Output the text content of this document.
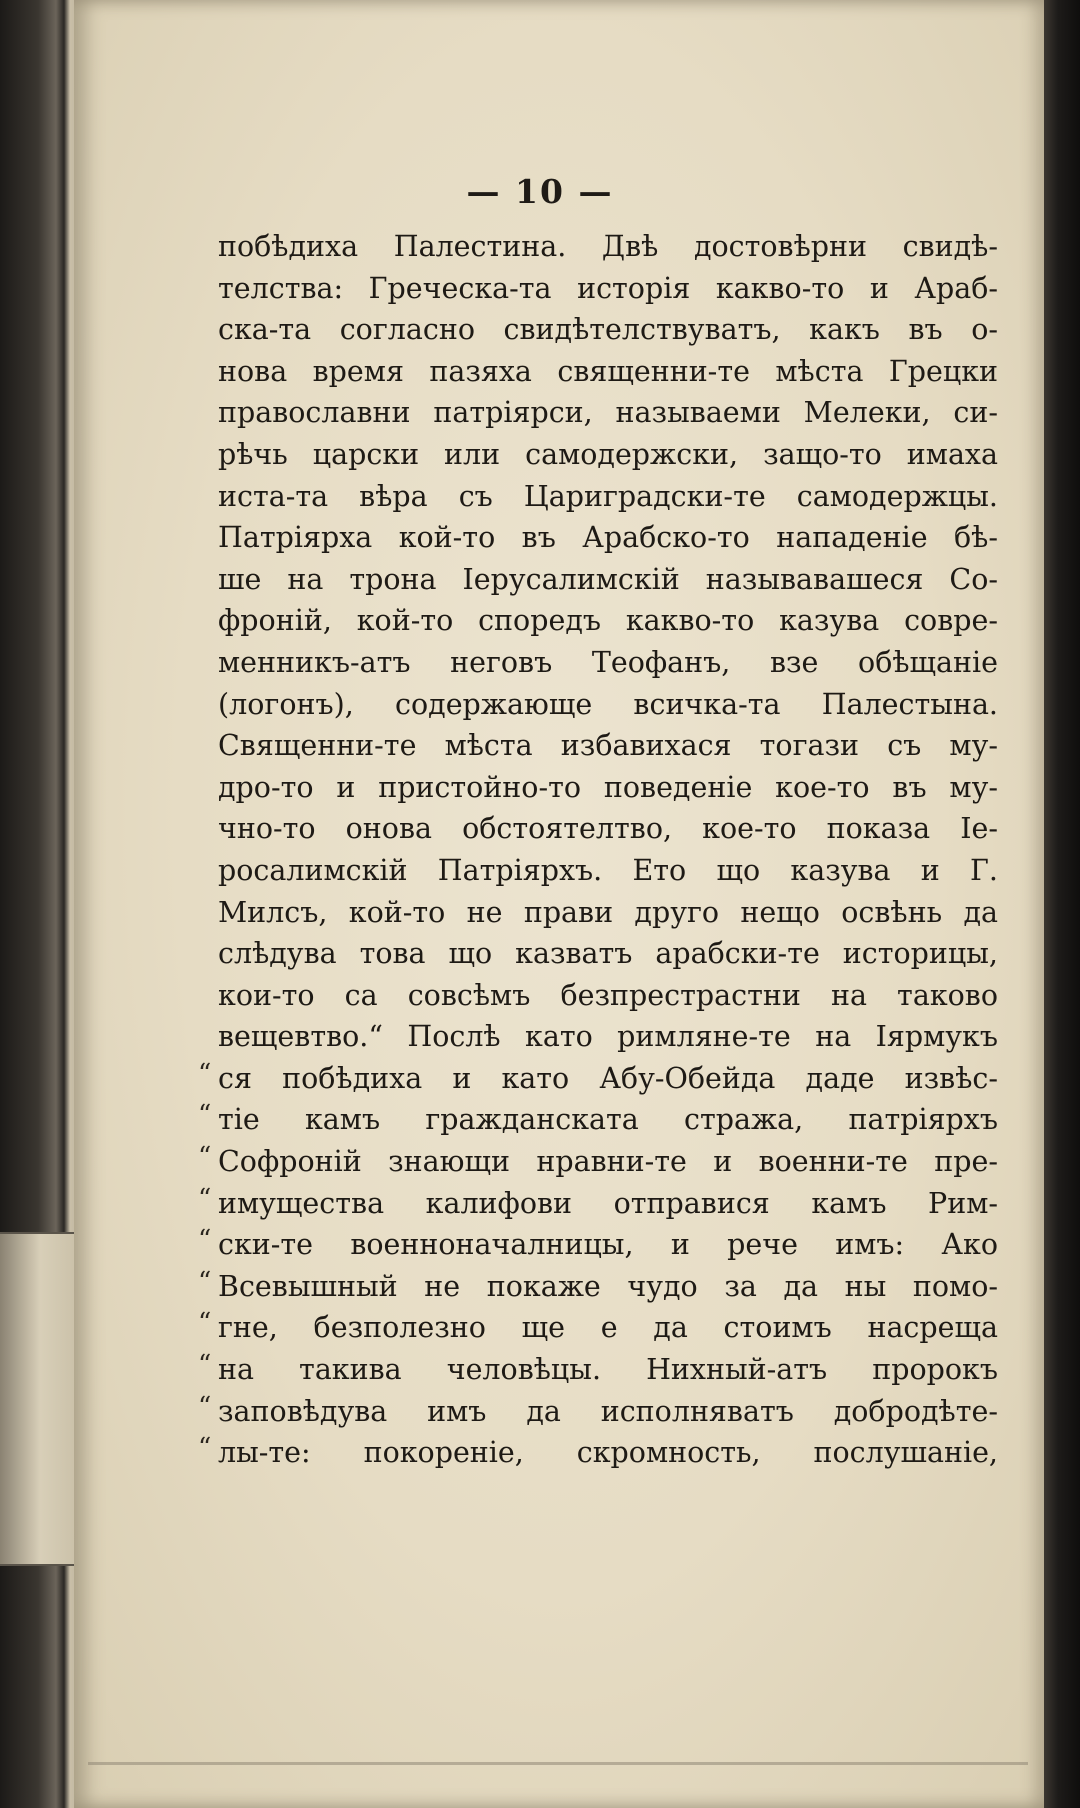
— 10 —
побѣдиха Палестина. Двѣ достовѣрни свидѣ-
телства: Греческа-та исторія какво-то и Араб-
ска-та согласно свидѣтелствуватъ, какъ въ о-
нова время пазяха священни-те мѣста Грецки
православни патріярси, называеми Мелеки, си-
рѣчь царски или самодержски, защо-то имаха
иста-та вѣра съ Цариградски-те самодержцы.
Патріярха кой-то въ Арабско-то нападеніе бѣ-
ше на трона Іерусалимскій называвашеся Со-
фроній, кой-то споредъ какво-то казува совре-
менникъ-атъ неговъ Теофанъ, взе обѣщаніе
(логонъ), содержающе всичка-та Палестына.
Священни-те мѣста избавихася тогази съ му-
дро-то и пристойно-то поведеніе кое-то въ му-
чно-то онова обстоятелтво, кое-то показа Іе-
росалимскій Патріярхъ. Ето що казува и Г.
Милсъ, кой-то не прави друго нещо освѣнь да
слѣдува това що казватъ арабски-те историцы,
кои-то са совсѣмъ безпрестрастни на таково
вещевтво.“ Послѣ като римляне-те на Іярмукъ
“ ся побѣдиха и като Абу-Обейда даде извѣс-
“ тіе камъ гражданската стража, патріярхъ
“ Софроній знающи нравни-те и военни-те пре-
“ имущества калифови отправися камъ Рим-
“ ски-те военноначалницы, и рече имъ: Ако
“ Всевышный не покаже чудо за да ны помо-
“ гне, безполезно ще е да стоимъ насреща
“ на такива человѣцы. Нихный-атъ пророкъ
“ заповѣдува имъ да исполняватъ добродѣте-
“ лы-те: покореніе, скромность, послушаніе,
